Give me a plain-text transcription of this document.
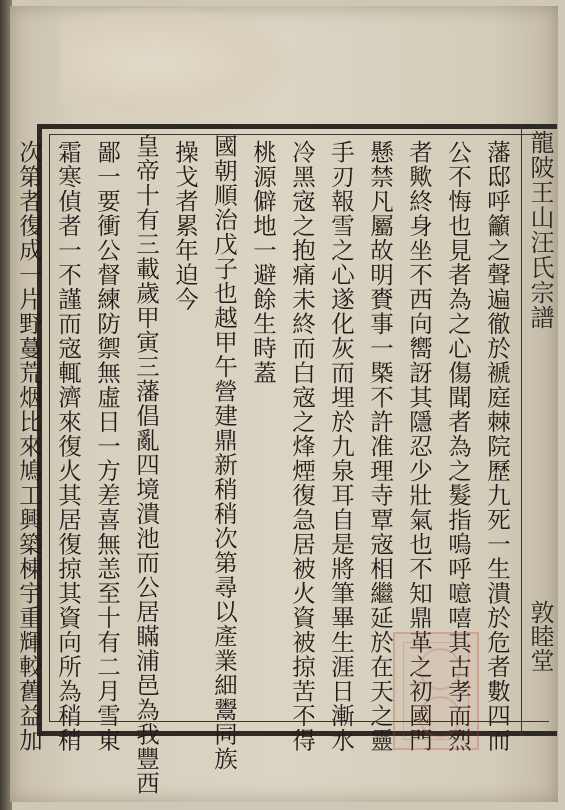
龍陂王山汪氏宗譜
敦睦堂
藩邸呼籲之聲遍徹於褫庭棘院歷九死一生潰於危者數四而
公不悔也見者為之心傷聞者為之髮指嗚呼噫嘻其古孝而烈
者歟終身坐不西向嚮訝其隱忍少壯氣也不知鼎革之初國門
懸禁凡屬故明賚事一槩不許准理寺覃宼相繼延於在天之靈
手刃報雪之心遂化灰而埋於九泉耳自是將筆畢生涯日漸水
冷黑宼之抱痛未終而白宼之烽煙復急居被火資被掠苦不得
桃源僻地一避餘生時蓋
國朝順治戊子也越甲午營建鼎新稍稍次第尋以產業細鬻同族
操戈者累年迫今
皇帝十有三載歲甲寅三藩倡亂四境潰池而公居瞞浦邑為我豐西
鄙一要衝公督練防禦無虛日一方差喜無恙至十有二月雪東
霜寒偵者一不謹而宼輒濟來復火其居復掠其資向所為稍稍
次第者復成一片野蔓荒烟比來鳩工興築棟宇重輝較舊益加
